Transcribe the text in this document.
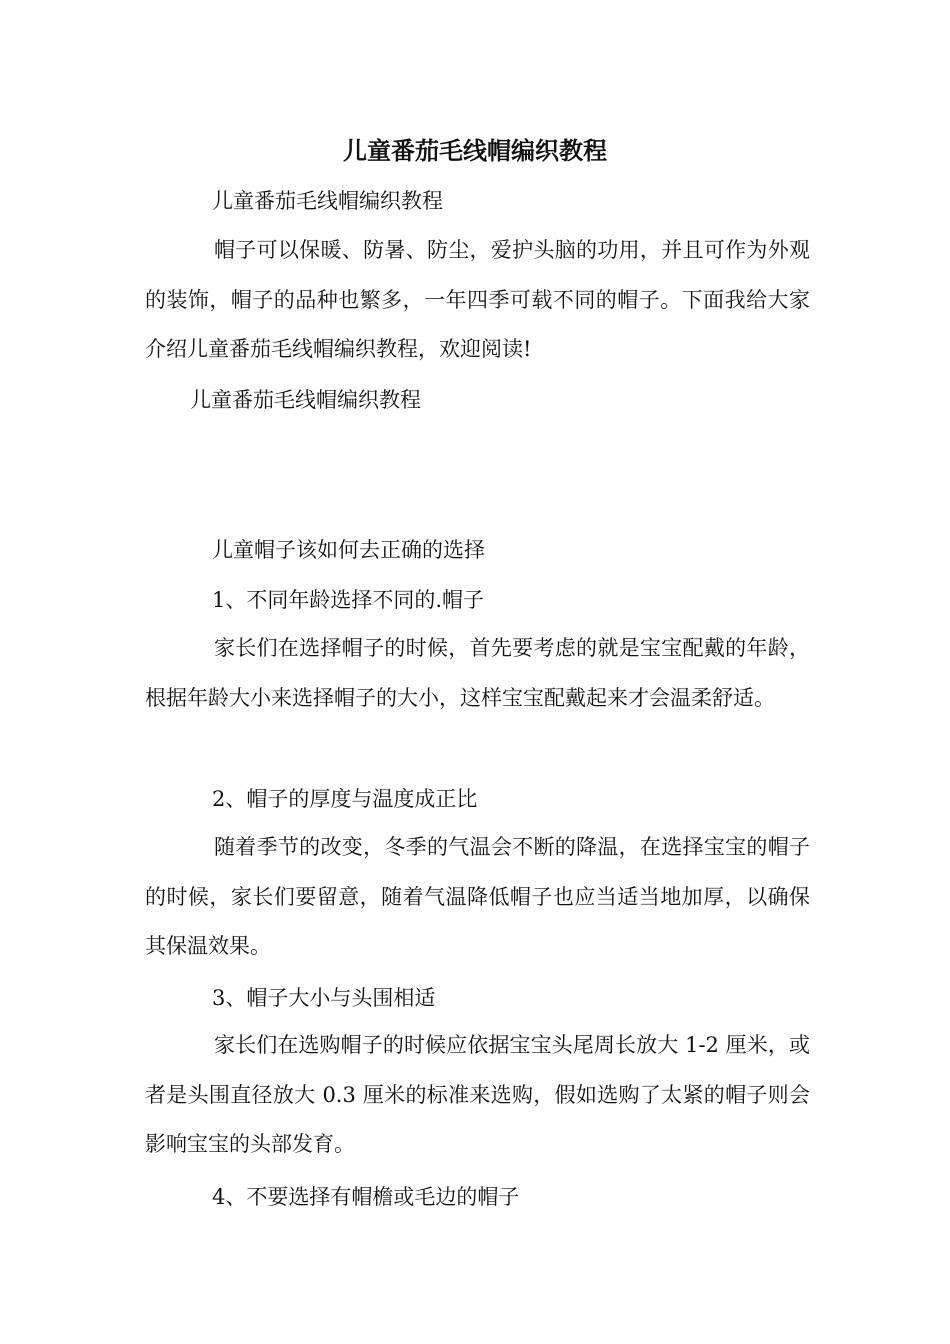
儿童番茄毛线帽编织教程
儿童番茄毛线帽编织教程
帽子可以保暖、防暑、防尘，爱护头脑的功用，并且可作为外观的装饰，帽子的品种也繁多，一年四季可载不同的帽子。下面我给大家介绍儿童番茄毛线帽编织教程，欢迎阅读!
儿童番茄毛线帽编织教程
儿童帽子该如何去正确的选择
1、不同年龄选择不同的.帽子
家长们在选择帽子的时候，首先要考虑的就是宝宝配戴的年龄，根据年龄大小来选择帽子的大小，这样宝宝配戴起来才会温柔舒适。
2、帽子的厚度与温度成正比
随着季节的改变，冬季的气温会不断的降温，在选择宝宝的帽子的时候，家长们要留意，随着气温降低帽子也应当适当地加厚，以确保其保温效果。
3、帽子大小与头围相适
家长们在选购帽子的时候应依据宝宝头尾周长放大 1-2 厘米，或者是头围直径放大 0.3 厘米的标准来选购，假如选购了太紧的帽子则会影响宝宝的头部发育。
4、不要选择有帽檐或毛边的帽子
